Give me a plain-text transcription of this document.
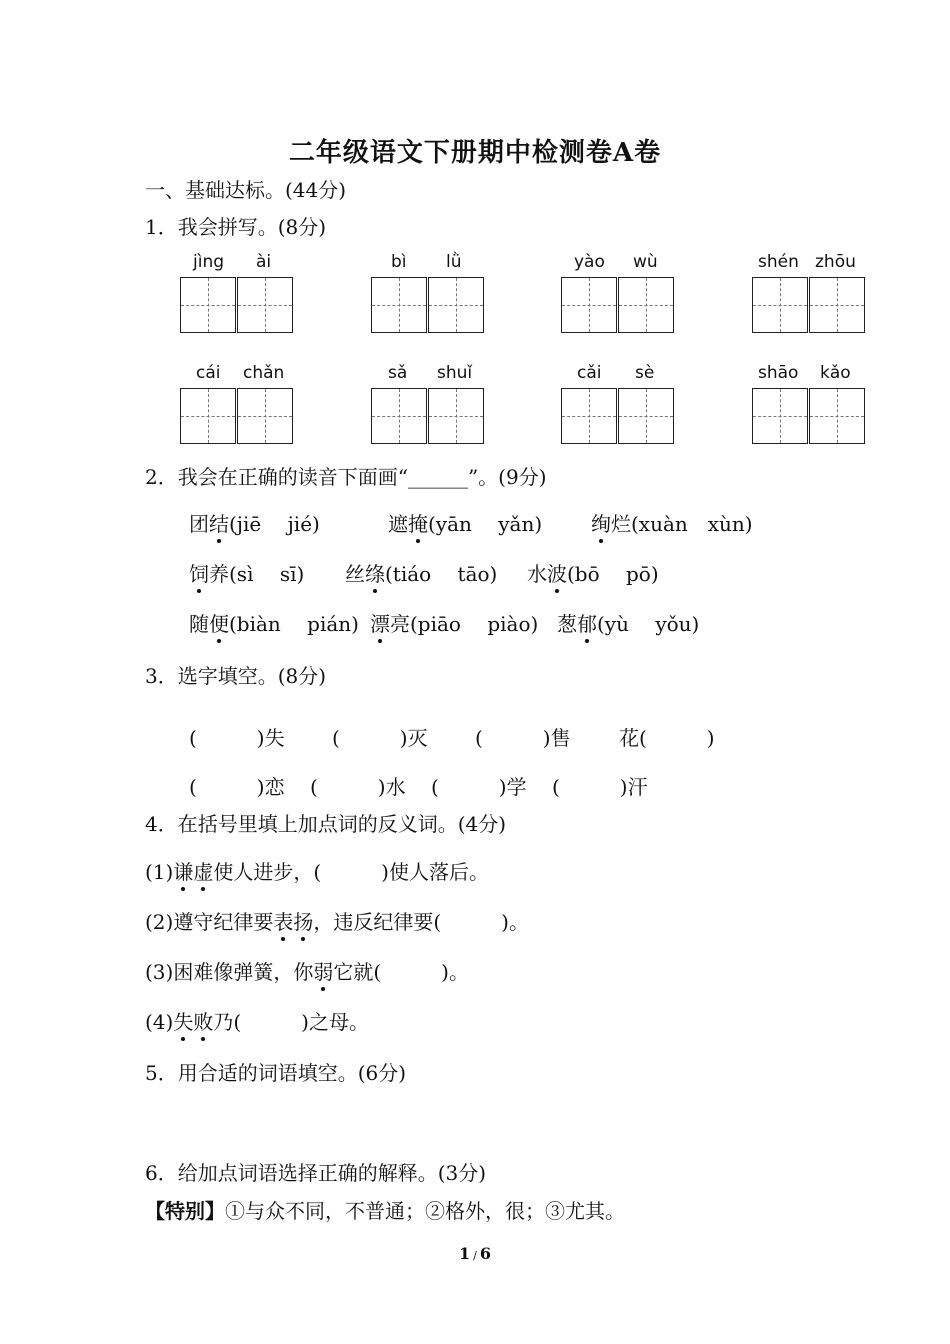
二年级语文下册期中检测卷A卷
一、基础达标。(44分)
1．我会拼写。(8分)
jìng ài	bì lǜ	yào wù	shén zhōu
cái chǎn	sǎ shuǐ	cǎi sè	shāo kǎo
2．我会在正确的读音下面画“______”。(9分)
团结(jiē　 jié)	遮掩(yān　 yǎn) 绚烂(xuàn　xùn)
饲养(sì　 sī) 丝绦(tiáo　 tāo) 水波(bō　 pō)
随便(biàn　 pián) 漂亮(piāo　 piào) 葱郁(yù　 yǒu)
3．选字填空。(8分)
(　　　)失 (　　　)灭 (　　　)售 花(　　　)
(　　　)恋 (　　　)水 (　　　)学 (　　　)汗
4．在括号里填上加点词的反义词。(4分)
(1)谦虚使人进步，(　　　)使人落后。
(2)遵守纪律要表扬，违反纪律要(　　　)。
(3)困难像弹簧，你弱它就(　　　)。
(4)失败乃(　　　)之母。
5．用合适的词语填空。(6分)
6．给加点词语选择正确的解释。(3分)
【特别】①与众不同，不普通；②格外，很；③尤其。
1 / 6
